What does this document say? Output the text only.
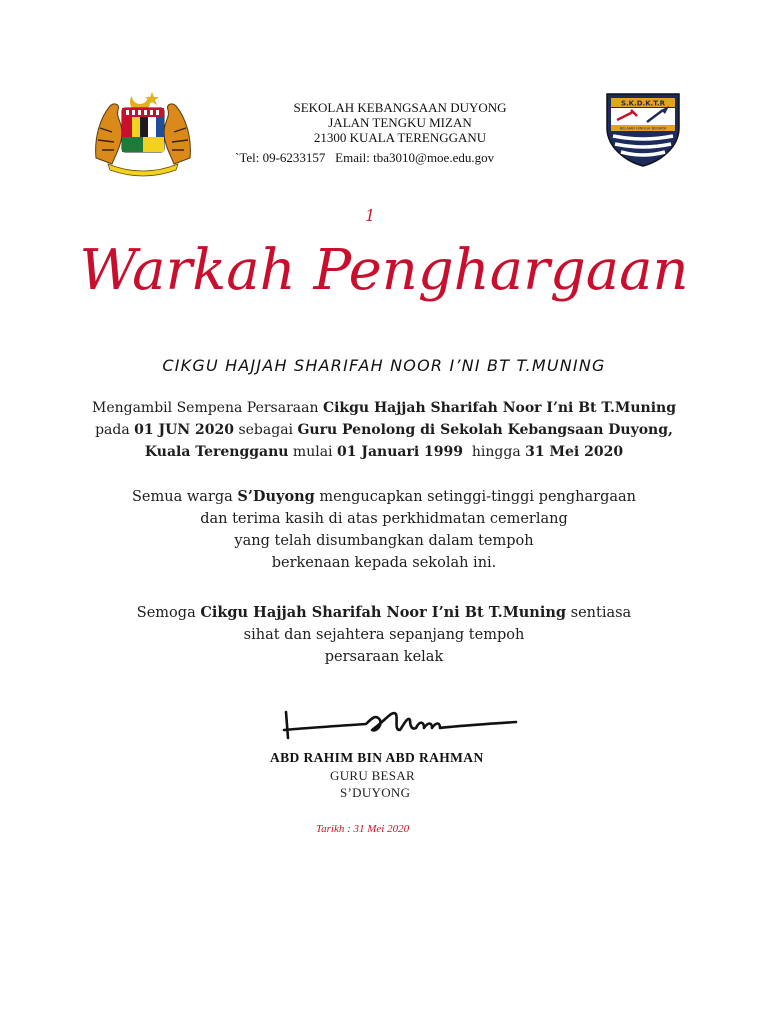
S.K.D.K.T.R
BELAJAR HINGGA BERJAYA
SEKOLAH KEBANGSAAN DUYONG
JALAN TENGKU MIZAN
21300 KUALA TERENGGANU
`Tel: 09-6233157   Email: tba3010@moe.edu.gov
1
Warkah Penghargaan
CIKGU HAJJAH SHARIFAH NOOR I’NI BT T.MUNING
Mengambil Sempena Persaraan Cikgu Hajjah Sharifah Noor I’ni Bt T.Muning
pada 01 JUN 2020 sebagai Guru Penolong di Sekolah Kebangsaan Duyong,
Kuala Terengganu mulai 01 Januari 1999  hingga 31 Mei 2020
Semua warga S’Duyong mengucapkan setinggi-tinggi penghargaan
dan terima kasih di atas perkhidmatan cemerlang
yang telah disumbangkan dalam tempoh
berkenaan kepada sekolah ini.
Semoga Cikgu Hajjah Sharifah Noor I’ni Bt T.Muning sentiasa
sihat dan sejahtera sepanjang tempoh
persaraan kelak
ABD RAHIM BIN ABD RAHMAN
GURU BESAR
S’DUYONG
Tarikh : 31 Mei 2020
